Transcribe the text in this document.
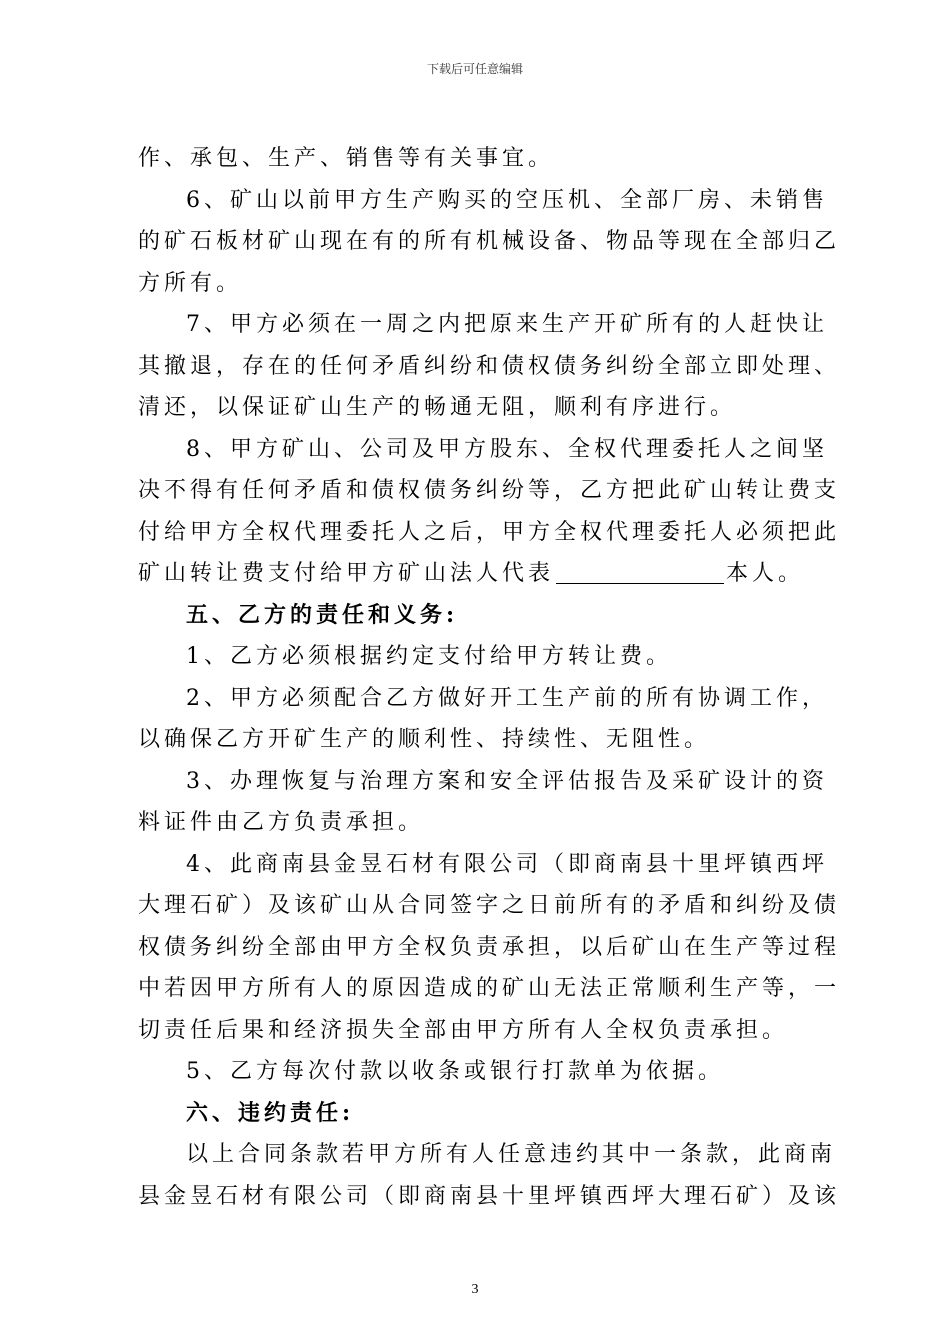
下载后可任意编辑
作、承包、生产、销售等有关事宜。
6、矿山以前甲方生产购买的空压机、全部厂房、未销售
的矿石板材矿山现在有的所有机械设备、物品等现在全部归乙
方所有。
7、甲方必须在一周之内把原来生产开矿所有的人赶快让
其撤退，存在的任何矛盾纠纷和债权债务纠纷全部立即处理、
清还，以保证矿山生产的畅通无阻，顺利有序进行。
8、甲方矿山、公司及甲方股东、全权代理委托人之间坚
决不得有任何矛盾和债权债务纠纷等，乙方把此矿山转让费支
付给甲方全权代理委托人之后，甲方全权代理委托人必须把此
矿山转让费支付给甲方矿山法人代表	本人。
五、乙方的责任和义务:
1、乙方必须根据约定支付给甲方转让费。
2、甲方必须配合乙方做好开工生产前的所有协调工作，
以确保乙方开矿生产的顺利性、持续性、无阻性。
3、办理恢复与治理方案和安全评估报告及采矿设计的资
料证件由乙方负责承担。
4、此商南县金昱石材有限公司（即商南县十里坪镇西坪
大理石矿）及该矿山从合同签字之日前所有的矛盾和纠纷及债
权债务纠纷全部由甲方全权负责承担，以后矿山在生产等过程
中若因甲方所有人的原因造成的矿山无法正常顺利生产等，一
切责任后果和经济损失全部由甲方所有人全权负责承担。
5、乙方每次付款以收条或银行打款单为依据。
六、违约责任:
以上合同条款若甲方所有人任意违约其中一条款，此商南
县金昱石材有限公司（即商南县十里坪镇西坪大理石矿）及该
3
